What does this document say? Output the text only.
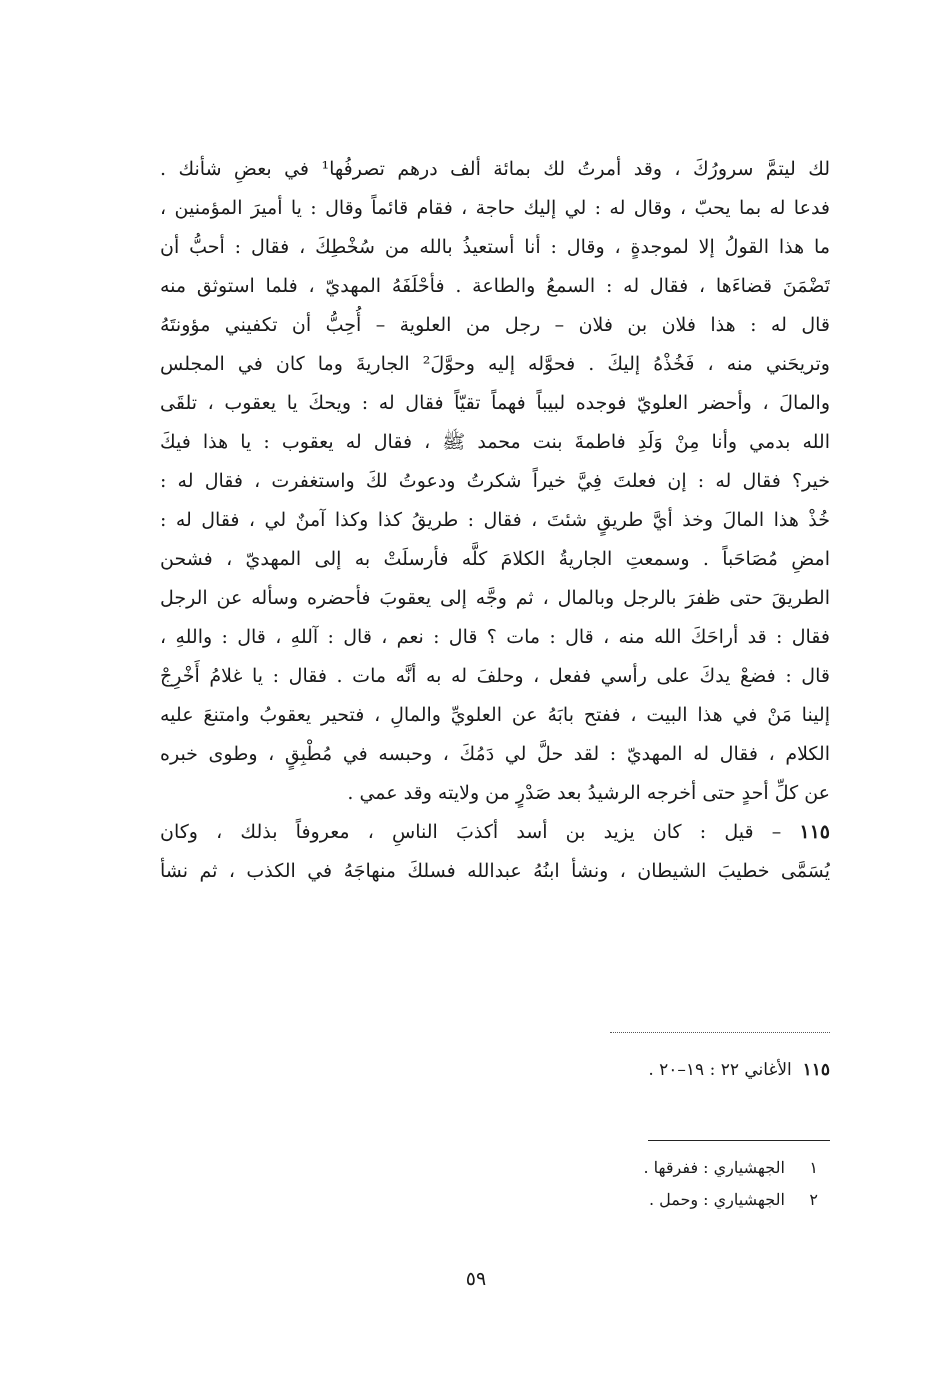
لك ليتمَّ سرورُكَ ، وقد أمرتُ لك بمائة ألف درهم تصرفُها¹ في بعضِ شأنك .
فدعا له بما يحبّ ، وقال له : لي إليك حاجة ، فقام قائماً وقال : يا أميرَ المؤمنين ،
ما هذا القولُ إلا لموجدةٍ ، وقال : أنا أستعيذُ بالله من سُخْطِكَ ، فقال : أحبُّ أن
تَضْمَنَ قضاءَها ، فقال له : السمعُ والطاعة . فأحْلَفَهُ المهديّ ، فلما استوثق منه
قال له : هذا فلان بن فلان – رجل من العلوية – أُحِبُّ أن تكفيني مؤونتَهُ
وتريحَني منه ، فَخُذْهُ إليكَ . فحوَّله إليه وحوَّلَ² الجاريةَ وما كان في المجلس
والمالَ ، وأحضر العلويّ فوجده لبيباً فهماً تقيّاً فقال له : ويحكَ يا يعقوب ، تلقَى
الله بدمي وأنا مِنْ وَلَدِ فاطمةَ بنت محمد ﷺ ، فقال له يعقوب : يا هذا فيكَ
خير؟ فقال له : إن فعلتَ فِيَّ خيراً شكرتُ ودعوتُ لكَ واستغفرت ، فقال له :
خُذْ هذا المالَ وخذ أيَّ طريقٍ شئتَ ، فقال : طريقُ كذا وكذا آمنٌ لي ، فقال له :
امضِ مُصَاحَباً . وسمعتِ الجاريةُ الكلامَ كلَّه فأرسلَتْ به إلى المهديّ ، فشحن
الطريقَ حتى ظفرَ بالرجل وبالمال ، ثم وجَّه إلى يعقوبَ فأحضره وسأله عن الرجل
فقال : قد أراحَكَ الله منه ، قال : مات ؟ قال : نعم ، قال : آللهِ ، قال : واللهِ ،
قال : فضعْ يدكَ على رأسي ففعل ، وحلفَ له به أنَّه مات . فقال : يا غلامُ أَخْرِجْ
إلينا مَنْ في هذا البيت ، ففتح بابَهُ عن العلويِّ والمالِ ، فتحير يعقوبُ وامتنعَ عليه
الكلام ، فقال له المهديّ : لقد حلَّ لي دَمُكَ ، وحبسه في مُطْبِقٍ ، وطوى خبره
عن كلِّ أحدٍ حتى أخرجه الرشيدُ بعد صَدْرٍ من ولايته وقد عمي .
١١٥ – قيل : كان يزيد بن أسد أكذبَ الناسِ ، معروفاً بذلك ، وكان
يُسَمَّى خطيبَ الشيطان ، ونشأ ابنُهُ عبدالله فسلكَ منهاجَهُ في الكذب ، ثم نشأ
١١٥  الأغاني ٢٢ : ١٩–٢٠ .
١ الجهشياري : ففرقها .
٢ الجهشياري : وحمل .
٥٩
